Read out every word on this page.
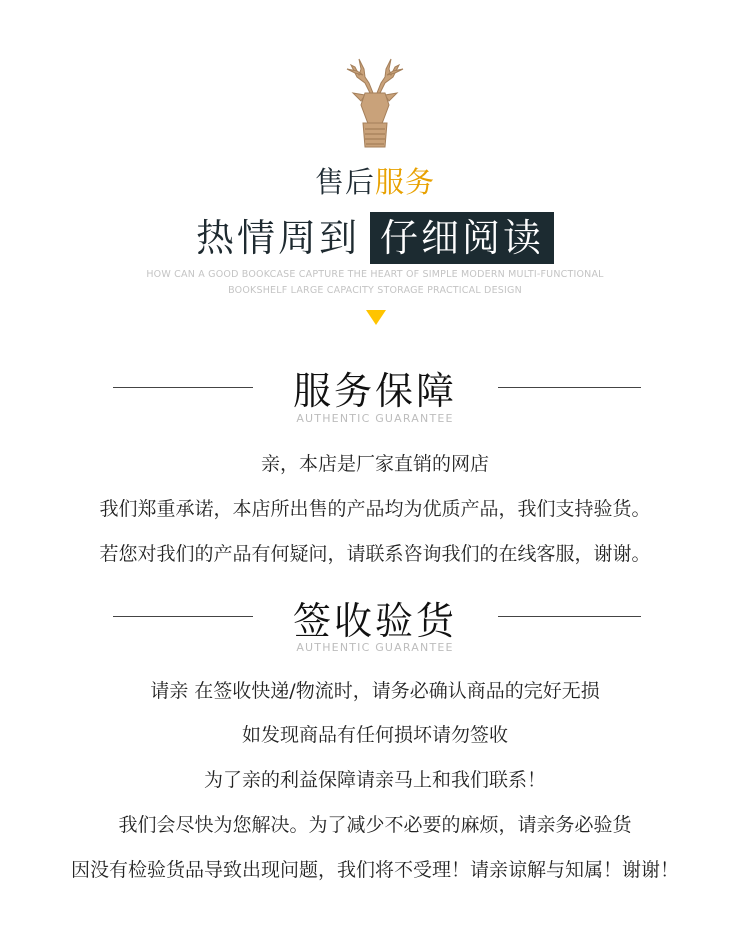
售后服务
热情周到 仔细阅读
HOW CAN A GOOD BOOKCASE CAPTURE THE HEART OF SIMPLE MODERN MULTI-FUNCTIONAL
BOOKSHELF LARGE CAPACITY STORAGE PRACTICAL DESIGN
服务保障
AUTHENTIC GUARANTEE
亲，本店是厂家直销的网店
我们郑重承诺，本店所出售的产品均为优质产品，我们支持验货。
若您对我们的产品有何疑问，请联系咨询我们的在线客服，谢谢。
签收验货
AUTHENTIC GUARANTEE
请亲 在签收快递/物流时，请务必确认商品的完好无损
如发现商品有任何损坏请勿签收
为了亲的利益保障请亲马上和我们联系！
我们会尽快为您解决。为了减少不必要的麻烦，请亲务必验货
因没有检验货品导致出现问题，我们将不受理！请亲谅解与知属！谢谢！
